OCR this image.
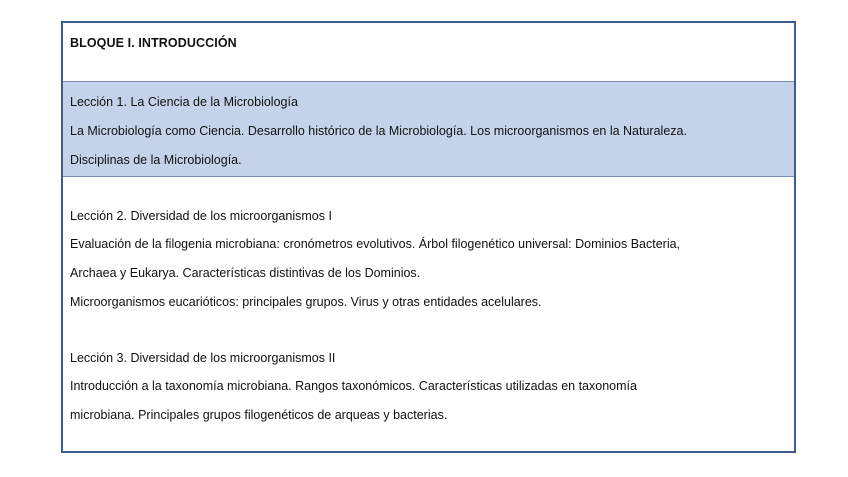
BLOQUE I. INTRODUCCIÓN
Lección 1. La Ciencia de la Microbiología
La Microbiología como Ciencia. Desarrollo histórico de la Microbiología. Los microorganismos en la Naturaleza.
Disciplinas de la Microbiología.
Lección 2. Diversidad de los microorganismos I
Evaluación de la filogenia microbiana: cronómetros evolutivos. Árbol filogenético universal: Dominios Bacteria,
Archaea y Eukarya. Características distintivas de los Dominios.
Microorganismos eucarióticos: principales grupos. Virus y otras entidades acelulares.
Lección 3. Diversidad de los microorganismos II
Introducción a la taxonomía microbiana. Rangos taxonómicos. Características utilizadas en taxonomía
microbiana. Principales grupos filogenéticos de arqueas y bacterias.
